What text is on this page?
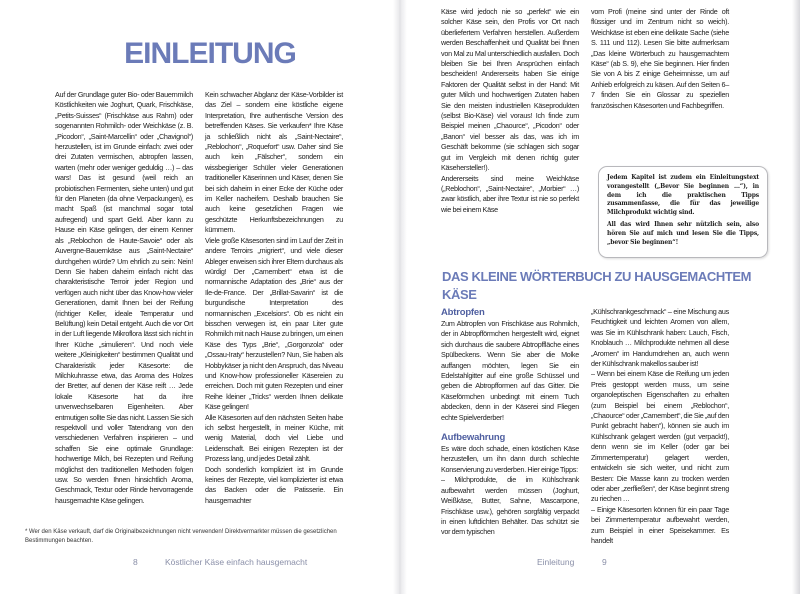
EINLEITUNG

Auf der Grundlage guter Bio- oder Bauernmilch Köstlichkeiten wie Joghurt, Quark, Frischkäse, „Petits-Suisses“ (Frischkäse aus Rahm) oder sogenannten Rohmilch- oder Weichkäse (z. B. „Picodon“, „Saint-Marcellin“ oder „Chavignol“) herzustellen, ist im Grunde einfach: zwei oder drei Zutaten vermischen, abtropfen lassen, warten (mehr oder weniger geduldig …) – das wars! Das ist gesund (weil reich an probiotischen Fermenten, siehe unten) und gut für den Planeten (da ohne Verpackungen), es macht Spaß (ist manchmal sogar total aufregend) und spart Geld. Aber kann zu Hause ein Käse gelingen, der einem Kenner als „Reblochon de Haute-Savoie“ oder als Auvergne-Bauernkäse aus „Saint-Nectaire“ durchgehen würde? Um ehrlich zu sein: Nein! Denn Sie haben daheim einfach nicht das charakteristische Terroir jeder Region und verfügen auch nicht über das Know-how vieler Generationen, damit Ihnen bei der Reifung (richtiger Keller, ideale Temperatur und Belüftung) kein Detail entgeht. Auch die vor Ort in der Luft liegende Mikroflora lässt sich nicht in Ihrer Küche „simulieren“. Und noch viele weitere „Kleinigkeiten“ bestimmen Qualität und Charakteristik jeder Käsesorte: die Milchkuhrasse etwa, das Aroma des Holzes der Bretter, auf denen der Käse reift … Jede lokale Käsesorte hat da ihre unverwechselbaren Eigenheiten. Aber entmutigen sollte Sie das nicht. Lassen Sie sich respektvoll und voller Tatendrang von den verschiedenen Verfahren inspirieren – und schaffen Sie eine optimale Grundlage: hochwertige Milch, bei Rezepten und Reifung möglichst den traditionellen Methoden folgen usw. So werden Ihnen hinsichtlich Aroma, Geschmack, Textur oder Rinde hervorragende hausgemachte Käse gelingen.

Kein schwacher Abglanz der Käse-Vorbilder ist das Ziel – sondern eine köstliche eigene Interpretation, Ihre authentische Version des betreffenden Käses. Sie verkaufen* Ihre Käse ja schließlich nicht als „Saint-Nectaire“, „Reblochon“, „Roquefort“ usw. Daher sind Sie auch kein „Fälscher“, sondern ein wissbegieriger Schüler vieler Generationen traditioneller Käserinnen und Käser, denen Sie bei sich daheim in einer Ecke der Küche oder im Keller nacheifern. Deshalb brauchen Sie auch keine gesetzlichen Fragen wie geschützte Herkunftsbezeichnungen zu kümmern.

Viele große Käsesorten sind im Lauf der Zeit in andere Terroirs „migriert“, und viele dieser Ableger erweisen sich ihrer Eltern durchaus als würdig! Der „Camembert“ etwa ist die normannische Adaptation des „Brie“ aus der Ile-de-France. Der „Brillat-Savarin“ ist die burgundische Interpretation des normannischen „Excelsiors“. Ob es nicht ein bisschen verwegen ist, ein paar Liter gute Rohmilch mit nach Hause zu bringen, um einen Käse des Typs „Brie“, „Gorgonzola“ oder „Ossau-Iraty“ herzustellen? Nun, Sie haben als Hobbykäser ja nicht den Anspruch, das Niveau und Know-how professioneller Käsereien zu erreichen. Doch mit guten Rezepten und einer Reihe kleiner „Tricks“ werden Ihnen delikate Käse gelingen!

Alle Käsesorten auf den nächsten Seiten habe ich selbst hergestellt, in meiner Küche, mit wenig Material, doch viel Liebe und Leidenschaft. Bei einigen Rezepten ist der Prozess lang, und jedes Detail zählt.

Doch sonderlich kompliziert ist im Grunde keines der Rezepte, viel komplizierter ist etwa das Backen oder die Patisserie. Ein hausgemachter

* Wer den Käse verkauft, darf die Originalbezeichnungen nicht verwenden! Direktvermarkter müssen die gesetzlichen Bestimmungen beachten.
8	Köstlicher Käse einfach hausgemacht

Käse wird jedoch nie so „perfekt“ wie ein solcher Käse sein, den Profis vor Ort nach überliefertem Verfahren herstellen. Außerdem werden Beschaffenheit und Qualität bei Ihnen von Mal zu Mal unterschiedlich ausfallen. Doch bleiben Sie bei Ihren Ansprüchen einfach bescheiden! Andererseits haben Sie einige Faktoren der Qualität selbst in der Hand: Mit guter Milch und hochwertigen Zutaten haben Sie den meisten industriellen Käseprodukten (selbst Bio-Käse) viel voraus! Ich finde zum Beispiel meinen „Chaource“, „Picodon“ oder „Banon“ viel besser als das, was ich im Geschäft bekomme (sie schlagen sich sogar gut im Vergleich mit denen richtig guter Käsehersteller!).

Andererseits sind meine Weichkäse („Reblochon“, „Saint-Nectaire“, „Morbier“ …) zwar köstlich, aber ihre Textur ist nie so perfekt wie bei einem Käse

vom Profi (meine sind unter der Rinde oft flüssiger und im Zentrum nicht so weich). Weichkäse ist eben eine delikate Sache (siehe S. 111 und 112). Lesen Sie bitte aufmerksam „Das kleine Wörterbuch zu hausgemachtem Käse“ (ab S. 9), ehe Sie beginnen. Hier finden Sie von A bis Z einige Geheimnisse, um auf Anhieb erfolgreich zu käsen. Auf den Seiten 6–7 finden Sie ein Glossar zu speziellen französischen Käsesorten und Fachbegriffen.

Jedem Kapitel ist zudem ein Einleitungstext vorangestellt („Bevor Sie beginnen …“), in dem ich die praktischen Tipps zusammenfasse, die für das jeweilige Milchprodukt wichtig sind.

All das wird Ihnen sehr nützlich sein, also hören Sie auf mich und lesen Sie die Tipps, „bevor Sie beginnen“!

DAS KLEINE WÖRTERBUCH ZU HAUSGEMACHTEM KÄSE
Abtropfen

Zum Abtropfen von Frischkäse aus Rohmilch, der in Abtropfförmchen hergestellt wird, eignet sich durchaus die saubere Abtropffläche eines Spülbeckens. Wenn Sie aber die Molke auffangen möchten, legen Sie ein Edelstahlgitter auf eine große Schüssel und geben die Abtropfformen auf das Gitter. Die Käseförmchen unbedingt mit einem Tuch abdecken, denn in der Käserei sind Fliegen echte Spielverderber!

Aufbewahrung

Es wäre doch schade, einen köstlichen Käse herzustellen, um ihn dann durch schlechte Konservierung zu verderben. Hier einige Tipps:

– Milchprodukte, die im Kühlschrank aufbewahrt werden müssen (Joghurt, Weißkäse, Butter, Sahne, Mascarpone, Frischkäse usw.), gehören sorgfältig verpackt in einen luftdichten Behälter. Das schützt sie vor dem typischen

„Kühlschrankgeschmack“ – eine Mischung aus Feuchtigkeit und leichten Aromen von allem, was Sie im Kühlschrank haben: Lauch, Fisch, Knoblauch … Milchprodukte nehmen all diese „Aromen“ im Handumdrehen an, auch wenn der Kühlschrank makellos sauber ist!

– Wenn bei einem Käse die Reifung um jeden Preis gestoppt werden muss, um seine organoleptischen Eigenschaften zu erhalten (zum Beispiel bei einem „Reblochon“, „Chaource“ oder „Camembert“, die Sie „auf den Punkt gebracht haben“), können sie auch im Kühlschrank gelagert werden (gut verpackt!), denn wenn sie im Keller (oder gar bei Zimmertemperatur) gelagert werden, entwickeln sie sich weiter, und nicht zum Besten: Die Masse kann zu trocken werden oder aber „zerfließen“, der Käse beginnt streng zu riechen …

– Einige Käsesorten können für ein paar Tage bei Zimmertemperatur aufbewahrt werden, zum Beispiel in einer Speisekammer. Es handelt

Einleitung	9
